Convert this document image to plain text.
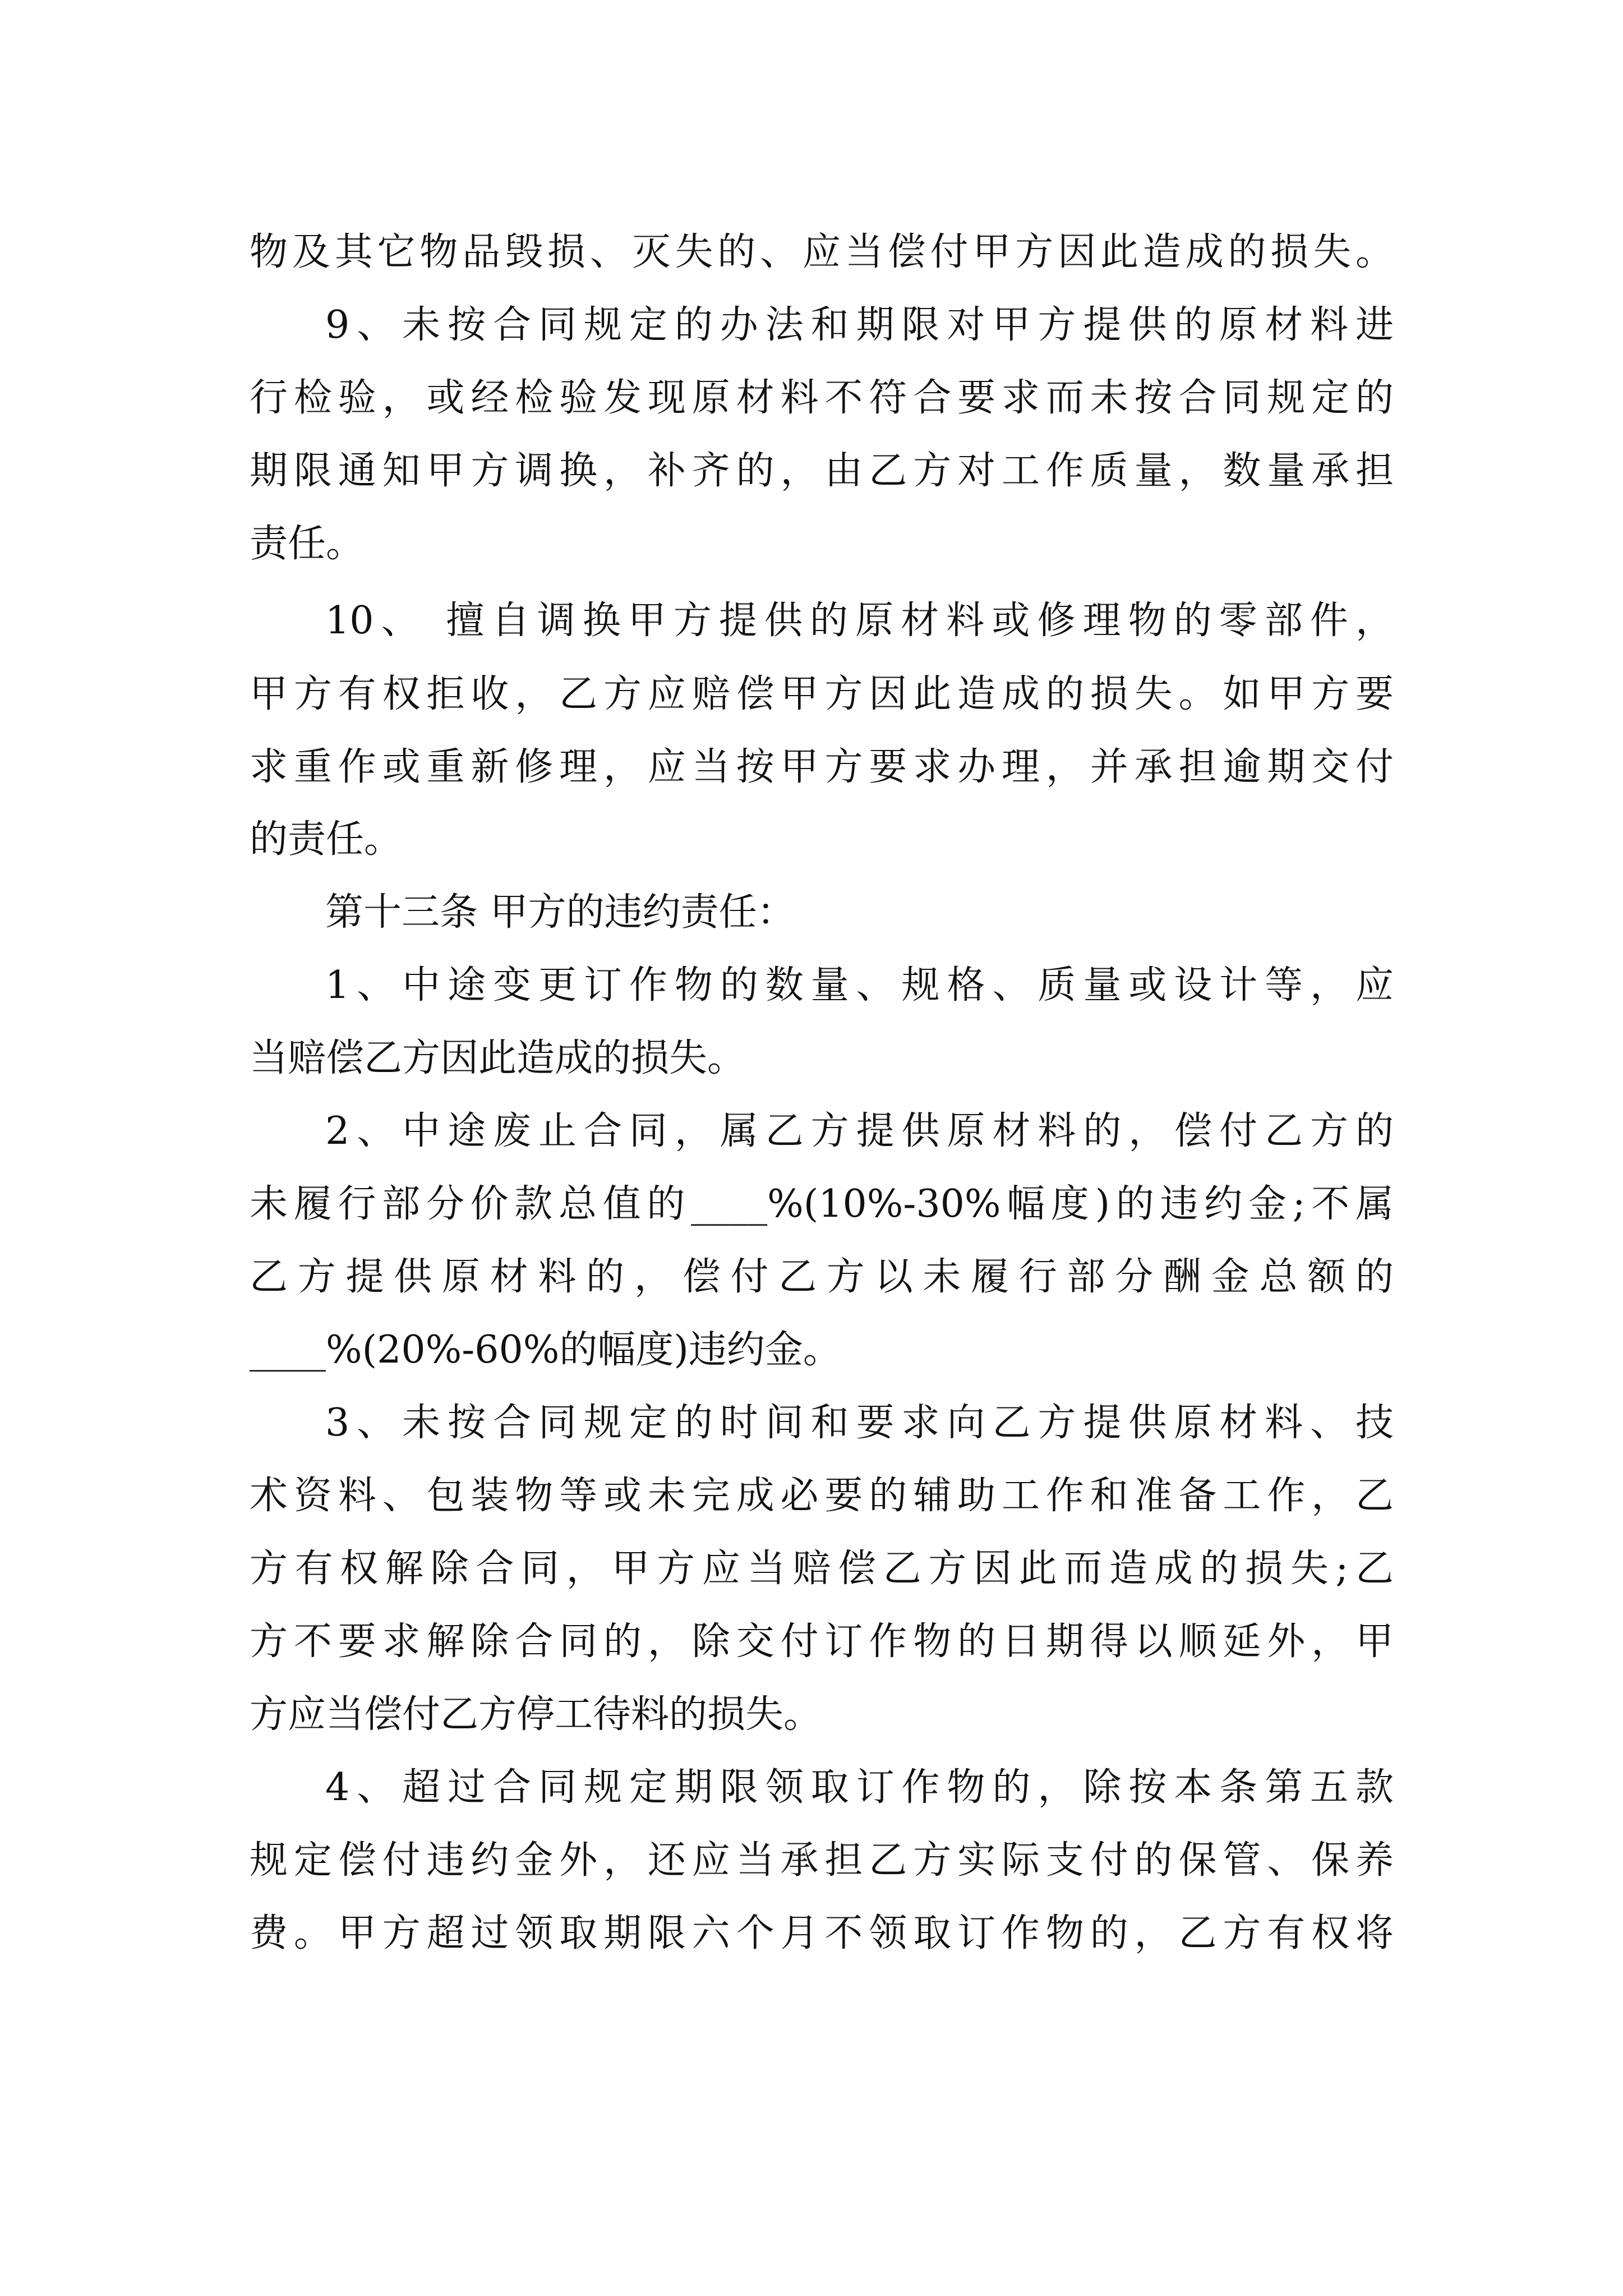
物及其它物品毁损、灭失的、应当偿付甲方因此造成的损失。
9、未按合同规定的办法和期限对甲方提供的原材料进
行检验，或经检验发现原材料不符合要求而未按合同规定的
期限通知甲方调换，补齐的，由乙方对工作质量，数量承担
责任。
10、 擅自调换甲方提供的原材料或修理物的零部件，
甲方有权拒收，乙方应赔偿甲方因此造成的损失。如甲方要
求重作或重新修理，应当按甲方要求办理，并承担逾期交付
的责任。
第十三条 甲方的违约责任：
1、中途变更订作物的数量、规格、质量或设计等，应
当赔偿乙方因此造成的损失。
2、中途废止合同，属乙方提供原材料的，偿付乙方的
未履行部分价款总值的____%(10%-30%幅度)的违约金;不属
乙方提供原材料的，偿付乙方以未履行部分酬金总额的
____%(20%-60%的幅度)违约金。
3、未按合同规定的时间和要求向乙方提供原材料、技
术资料、包装物等或未完成必要的辅助工作和准备工作，乙
方有权解除合同，甲方应当赔偿乙方因此而造成的损失;乙
方不要求解除合同的，除交付订作物的日期得以顺延外，甲
方应当偿付乙方停工待料的损失。
4、超过合同规定期限领取订作物的，除按本条第五款
规定偿付违约金外，还应当承担乙方实际支付的保管、保养
费。甲方超过领取期限六个月不领取订作物的，乙方有权将
